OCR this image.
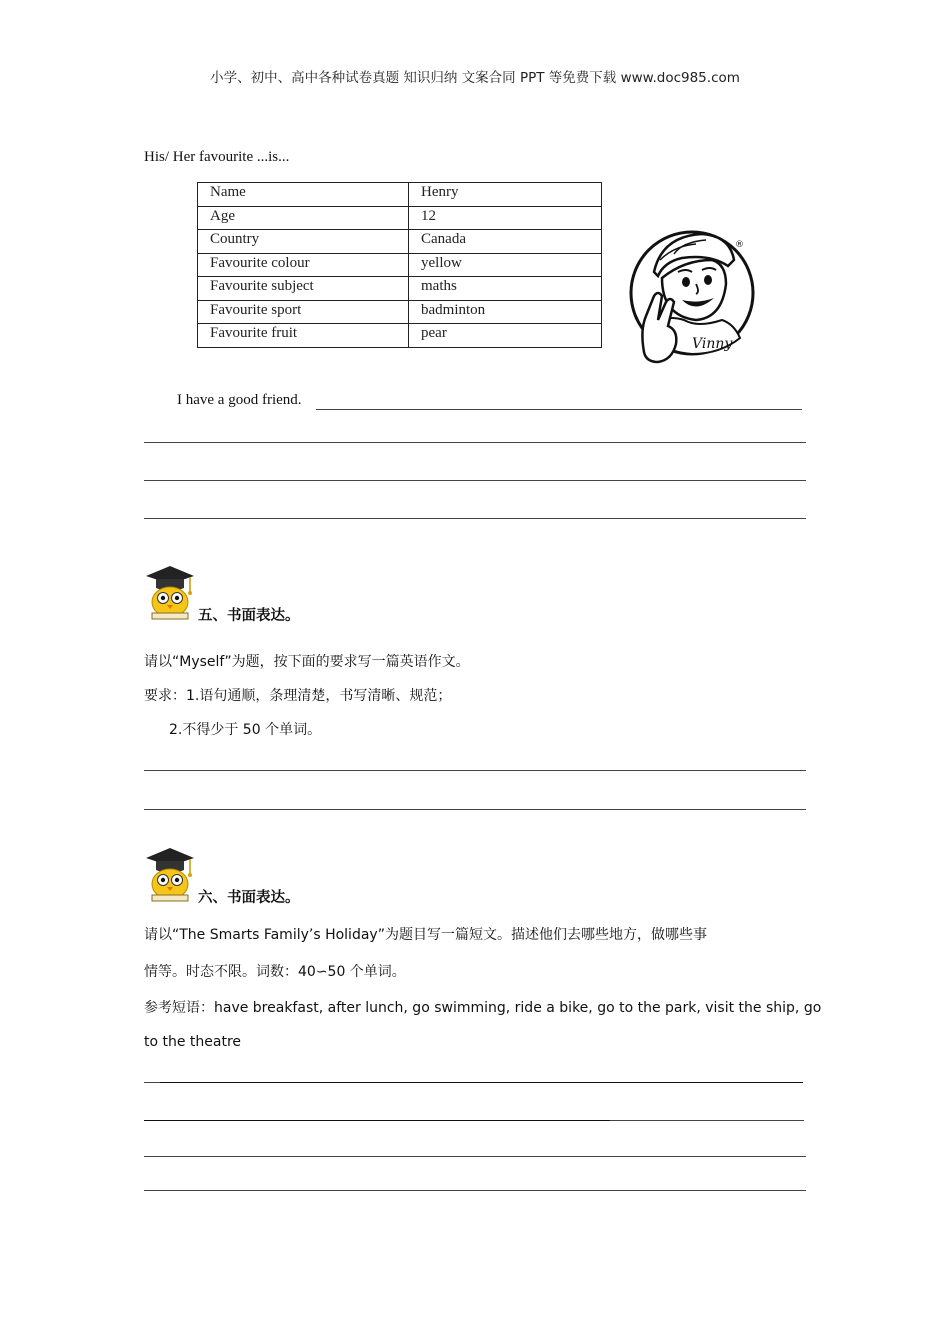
小学、初中、高中各种试卷真题 知识归纳 文案合同 PPT 等免费下载 www.doc985.com
His/ Her favourite ...is...
Name	Henry
Age	12
Country	Canada
Favourite colour	yellow
Favourite subject	maths
Favourite sport	badminton
Favourite fruit	pear
Vinny
®
I have a good friend.
五、书面表达。
请以“Myself”为题，按下面的要求写一篇英语作文。
要求：1.语句通顺，条理清楚，书写清晰、规范；
2.不得少于 50 个单词。
六、书面表达。
请以“The Smarts Family’s Holiday”为题目写一篇短文。描述他们去哪些地方，做哪些事
情等。时态不限。词数：40∽50 个单词。
参考短语：have breakfast, after lunch, go swimming, ride a bike, go to the park, visit the ship, go
to the theatre
